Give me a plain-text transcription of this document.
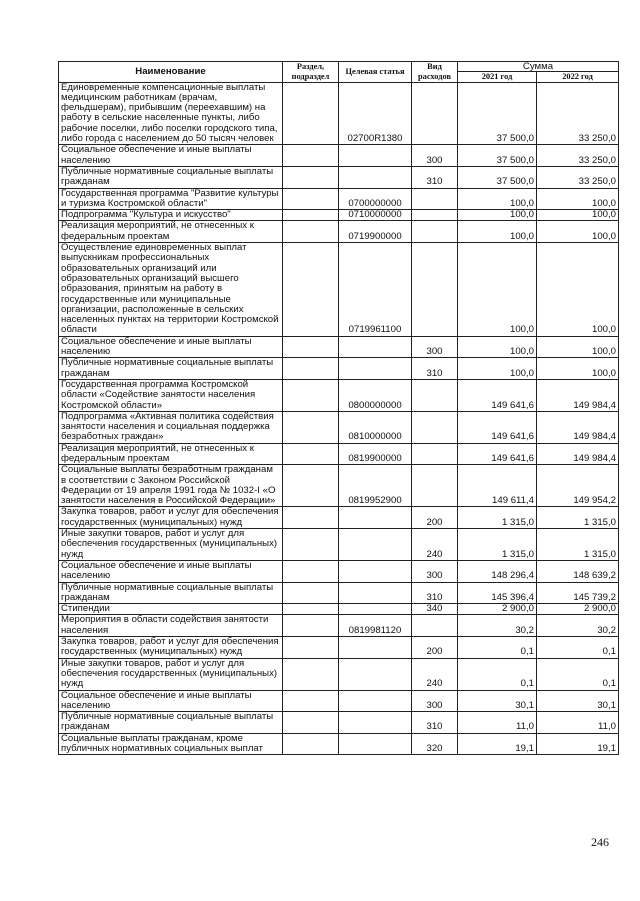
Наименование	Раздел, подраздел	Целевая статья	Вид расходов	Сумма	
				2021 год	2022 год
Единовременные компенсационные выплаты медицинским работникам (врачам, фельдшерам), прибывшим (переехавшим) на работу в сельские населенные пункты, либо рабочие поселки, либо поселки городского типа, либо города с населением до 50 тысяч человек		02700R1380		37 500,0	33 250,0
Социальное обеспечение и иные выплаты населению			300	37 500,0	33 250,0
Публичные нормативные социальные выплаты гражданам			310	37 500,0	33 250,0
Государственная программа "Развитие культуры и туризма Костромской области"		0700000000		100,0	100,0
Подпрограмма "Культура и искусство"		0710000000		100,0	100,0
Реализация мероприятий, не отнесенных к федеральным проектам		0719900000		100,0	100,0
Осуществление единовременных выплат выпускникам профессиональных образовательных организаций или образовательных организаций высшего образования, принятым на работу в государственные или муниципальные организации, расположенные в сельских населенных пунктах на территории Костромской области		0719961100		100,0	100,0
Социальное обеспечение и иные выплаты населению			300	100,0	100,0
Публичные нормативные социальные выплаты гражданам			310	100,0	100,0
Государственная программа Костромской области «Содействие занятости населения Костромской области»		0800000000		149 641,6	149 984,4
Подпрограмма «Активная политика содействия занятости населения и социальная поддержка безработных граждан»		0810000000		149 641,6	149 984,4
Реализация мероприятий, не отнесенных к федеральным проектам		0819900000		149 641,6	149 984,4
Социальные выплаты безработным гражданам в соответствии с Законом Российской Федерации от 19 апреля 1991 года № 1032-I «О занятости населения в Российской Федерации»		0819952900		149 611,4	149 954,2
Закупка товаров, работ и услуг для обеспечения государственных (муниципальных) нужд			200	1 315,0	1 315,0
Иные закупки товаров, работ и услуг для обеспечения государственных (муниципальных) нужд			240	1 315,0	1 315,0
Социальное обеспечение и иные выплаты населению			300	148 296,4	148 639,2
Публичные нормативные социальные выплаты гражданам			310	145 396,4	145 739,2
Стипендии			340	2 900,0	2 900,0
Мероприятия в области содействия занятости населения		0819981120		30,2	30,2
Закупка товаров, работ и услуг для обеспечения государственных (муниципальных) нужд			200	0,1	0,1
Иные закупки товаров, работ и услуг для обеспечения государственных (муниципальных) нужд			240	0,1	0,1
Социальное обеспечение и иные выплаты населению			300	30,1	30,1
Публичные нормативные социальные выплаты гражданам			310	11,0	11,0
Социальные выплаты гражданам, кроме публичных нормативных социальных выплат			320	19,1	19,1
246
